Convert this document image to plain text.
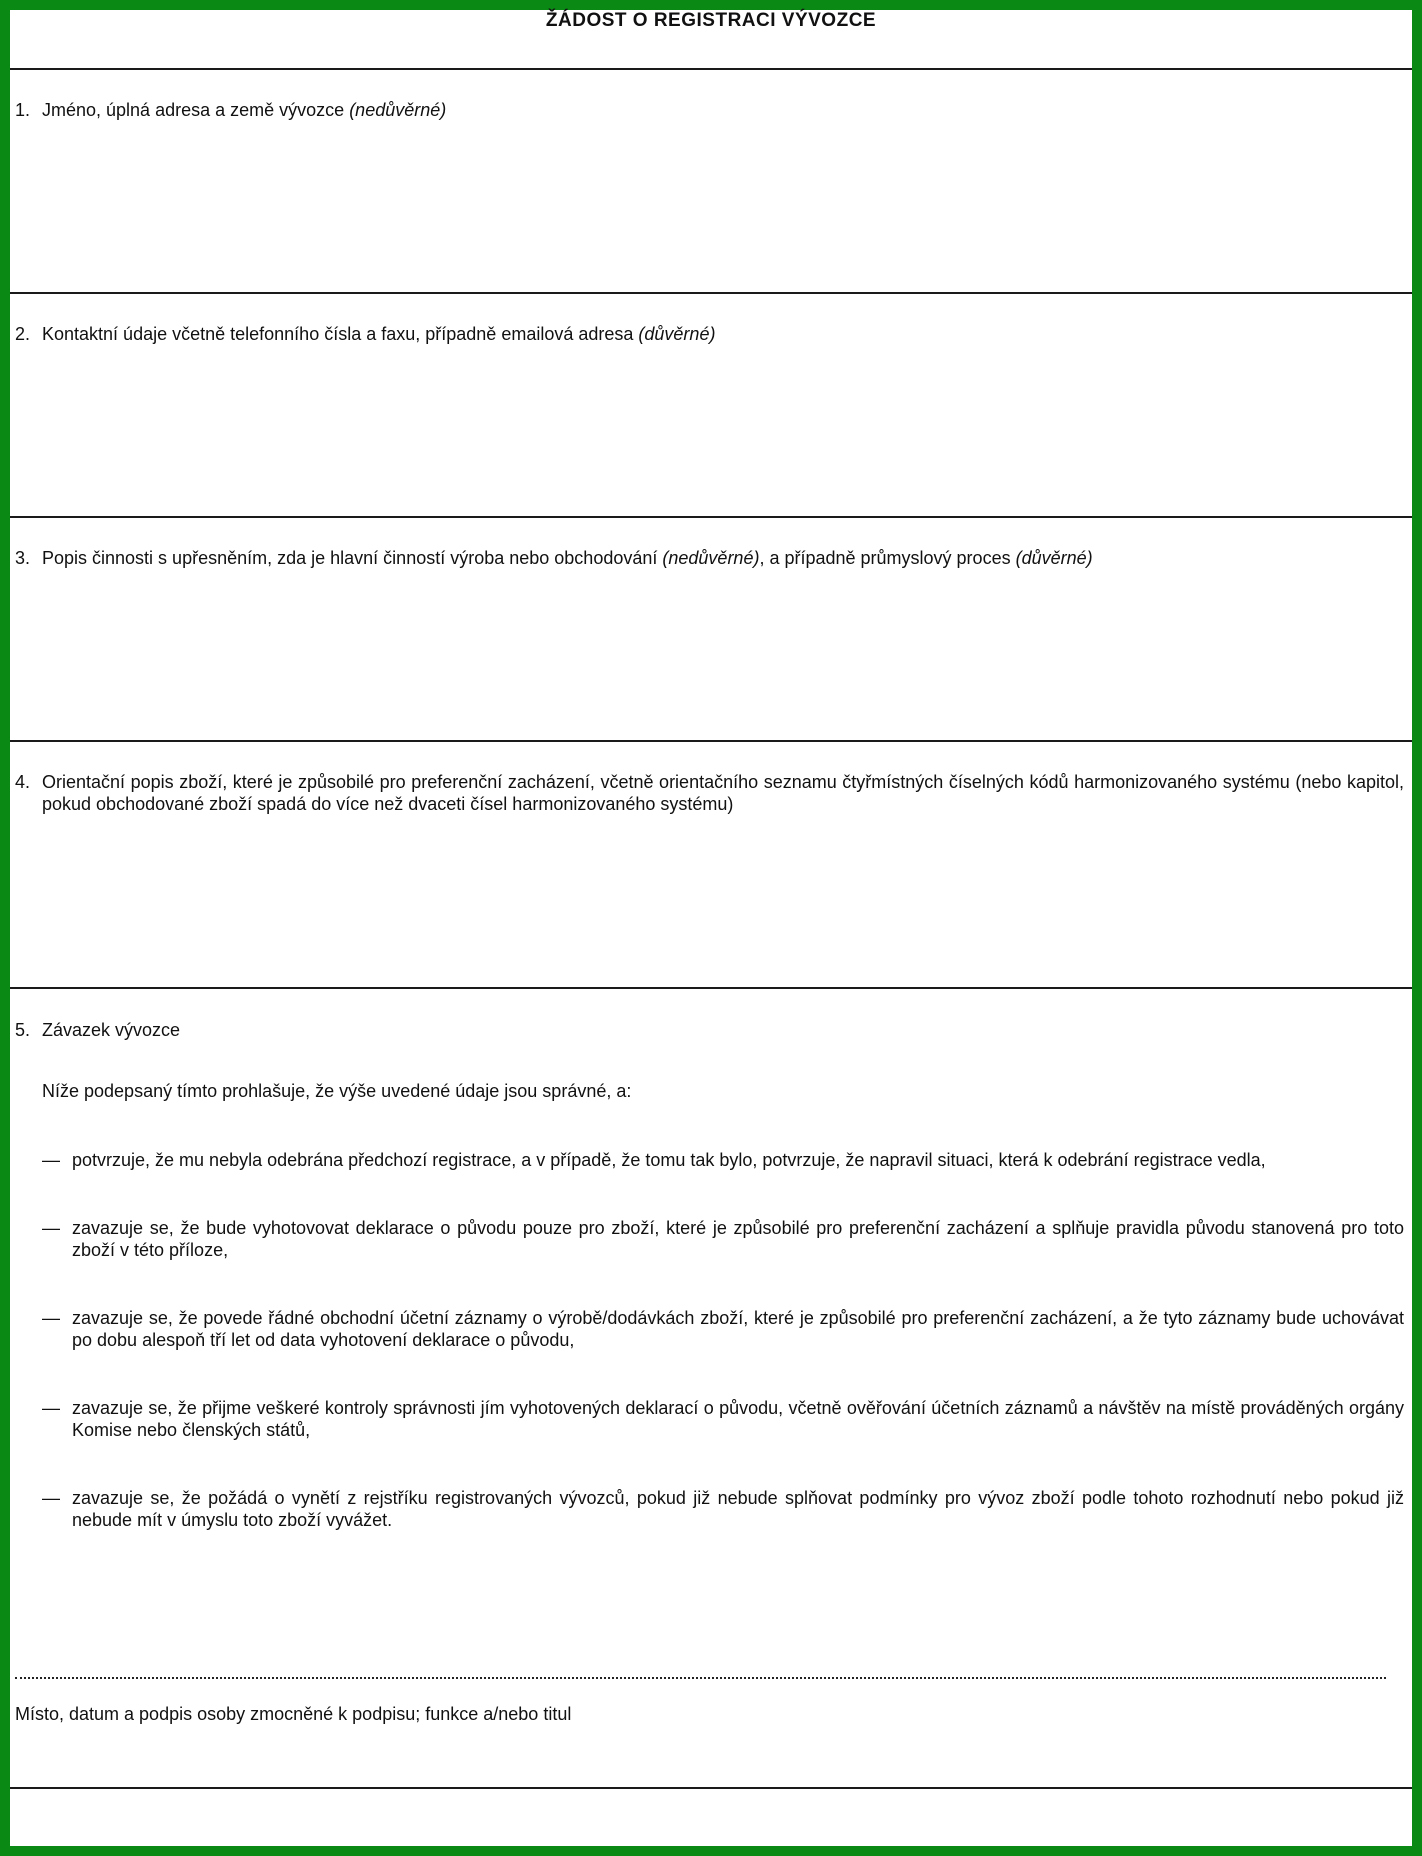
ŽÁDOST O REGISTRACI VÝVOZCE
1. Jméno, úplná adresa a země vývozce (nedůvěrné)
2. Kontaktní údaje včetně telefonního čísla a faxu, případně emailová adresa (důvěrné)
3. Popis činnosti s upřesněním, zda je hlavní činností výroba nebo obchodování (nedůvěrné), a případně průmyslový proces (důvěrné)
4. Orientační popis zboží, které je způsobilé pro preferenční zacházení, včetně orientačního seznamu čtyřmístných číselných kódů harmonizovaného systému (nebo kapitol, pokud obchodované zboží spadá do více než dvaceti čísel harmonizovaného systému)
5. Závazek vývozce
Níže podepsaný tímto prohlašuje, že výše uvedené údaje jsou správné, a:
— potvrzuje, že mu nebyla odebrána předchozí registrace, a v případě, že tomu tak bylo, potvrzuje, že napravil situaci, která k odebrání registrace vedla,
— zavazuje se, že bude vyhotovovat deklarace o původu pouze pro zboží, které je způsobilé pro preferenční zacházení a splňuje pravidla původu stanovená pro toto zboží v této příloze,
— zavazuje se, že povede řádné obchodní účetní záznamy o výrobě/dodávkách zboží, které je způsobilé pro preferenční zacházení, a že tyto záznamy bude uchovávat po dobu alespoň tří let od data vyhotovení deklarace o původu,
— zavazuje se, že přijme veškeré kontroly správnosti jím vyhotovených deklarací o původu, včetně ověřování účetních záznamů a návštěv na místě prováděných orgány Komise nebo členských států,
— zavazuje se, že požádá o vynětí z rejstříku registrovaných vývozců, pokud již nebude splňovat podmínky pro vývoz zboží podle tohoto rozhodnutí nebo pokud již nebude mít v úmyslu toto zboží vyvážet.
Místo, datum a podpis osoby zmocněné k podpisu; funkce a/nebo titul
